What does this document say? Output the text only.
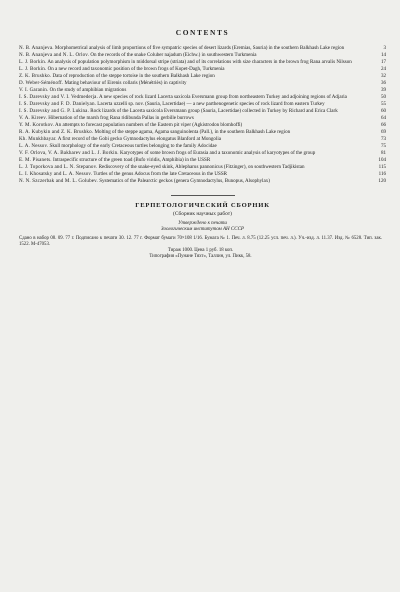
CONTENTS
N. B. Ananjeva. Morphometrical analysis of limb proportions of five sympatric species of desert lizards (Eremias, Sauria) in the southern Balkhash Lake region	3
N. B. Ananjeva and N. L. Orlov. On the records of the snake Coluber najadum (Eichw.) in southwestern Turkmenia	14
L. J. Borkin. An analysis of population polymorphism in middorsal stripe (striata) and of its correlations with size characters in the brown frog Rana arvalis Nilsson	17
L. J. Borkin. On a new record and taxonomic position of the brown frogs of Kopet-Dagh, Turkmenia	24
Z. K. Brushko. Data of reproduction of the steppe tortoise in the southern Balkhash Lake region	32
D. Weber-Séménoff. Mating behaviour of Eirenis collaris (Ménétriès) in captivity	36
V. I. Garanin. On the study of amphibian migrations	39
I. S. Darevsky and V. I. Vedmederja. A new species of rock lizard Lacerta saxicola Eversmann group from northeastern Turkey and adjoining regions of Adjaria	50
I. S. Darevsky and F. D. Danielyan. Lacerta uzzelli sp. nov. (Sauria, Lacertidae) — a new parthenogenetic species of rock lizard from eastern Turkey	55
I. S. Darevsky and G. P. Lukina. Rock lizards of the Lacerta saxicola Eversmann group (Sauria, Lacertidae) collected in Turkey by Richard and Erica Clark	60
V. A. Kireev. Hibernation of the marsh frog Rana ridibunda Pallas in gerbille burrows	64
Y. M. Korotkov. An attempts to forecast population numbers of the Eastern pit viper (Agkistrodon blomhoffi)	66
R. A. Kubykin and Z. K. Brushko. Molting of the steppe agama, Agama sanguinolenta (Pall.), in the southern Balkhash Lake region	69
Kh. Munkhbayar. A first record of the Gobi gecko Gymnodactylus elongatus Blanford at Mongolia	73
L. A. Nessov. Skull morphology of the early Cretaceous turtles belonging to the family Adocidae	75
V. F. Orlova, V. A. Bakharev and L. J. Borkin. Karyotypes of some brown frogs of Eurasia and a taxonomic analysis of karyotypes of the group	81
E. M. Pisanets. Intraspecific structure of the green toad (Bufo viridis, Amphibia) in the USSR	104
L. J. Toporkova and L. N. Stepanov. Rediscovery of the snake-eyed skink, Ablepharus pannonicus (Fitzinger), on southwestern Tadjikistan	115
L. I. Khosatsky and L. A. Nessov. Turtles of the genus Adocus from the late Cretaceous in the USSR	116
N. N. Szczerbak and M. L. Golubev. Systematics of the Palearctic geckos (genera Gymnodactylus, Bunopus, Alsophylax)	120
ГЕРПЕТОЛОГИЧЕСКИЙ СБОРНИК

(Сборник научных работ)

Утверждено к печати
Зоологическим институтом АН СССР

Сдано в набор 08. 09. 77 г. Подписано к печати 30. 12. 77 г. Формат бумаги 70×108 1/16. Бумага № 1. Печ. л. 8.75 (12.25 усл. печ. л.). Уч.-изд. л. 11.37. Изд. № 6528. Тип. зак. 1522. М-47053.
Тираж 1000. Цена 1 руб. 18 коп.
Типография «Пунане Тяхт», Таллин, ул. Пикк, 58.
